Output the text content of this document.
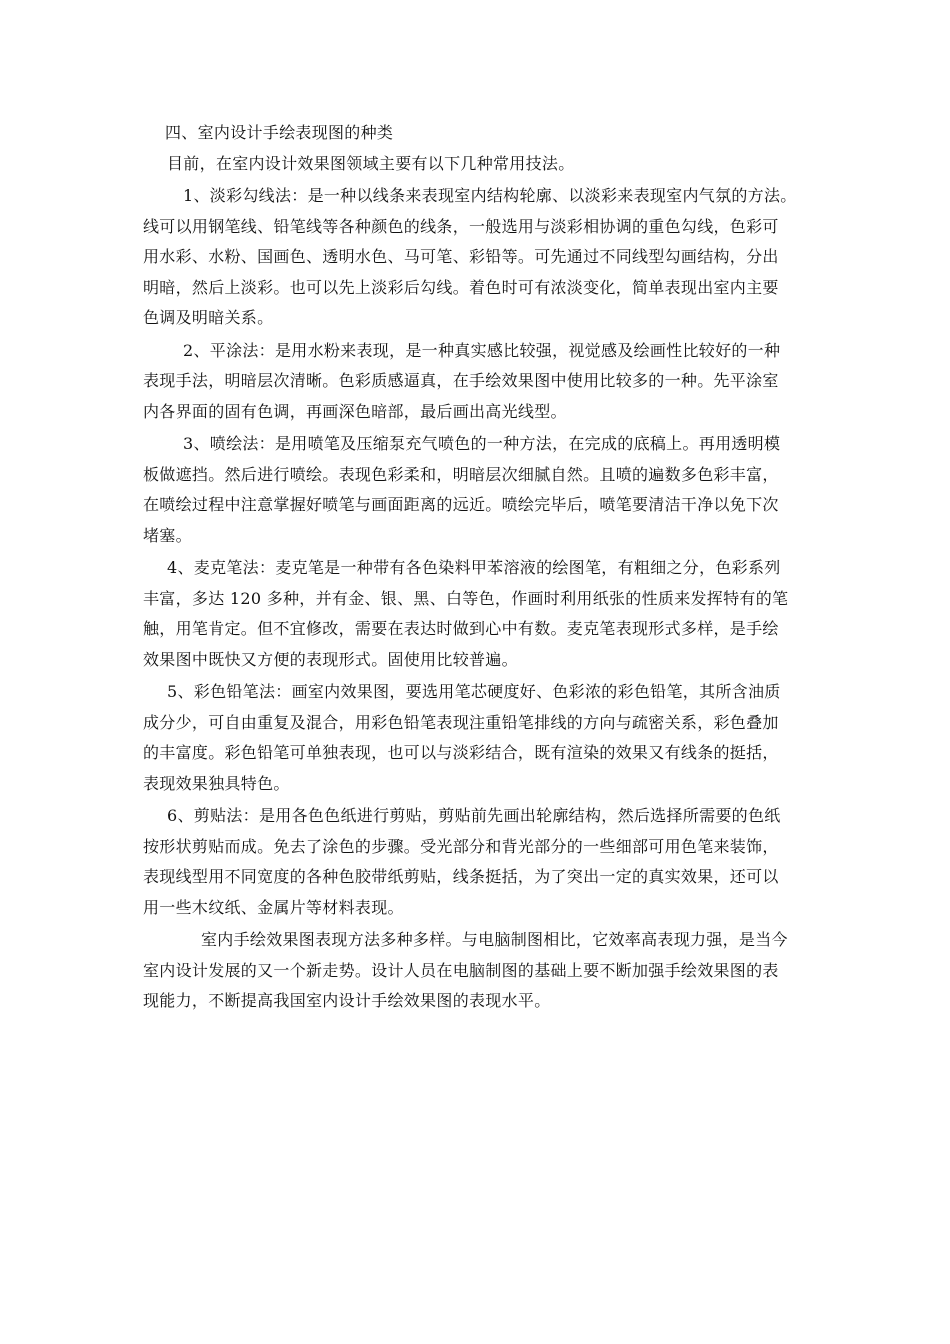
四、室内设计手绘表现图的种类
目前，在室内设计效果图领域主要有以下几种常用技法。
1、淡彩勾线法：是一种以线条来表现室内结构轮廓、以淡彩来表现室内气氛的方法。
线可以用钢笔线、铅笔线等各种颜色的线条，一般选用与淡彩相协调的重色勾线，色彩可
用水彩、水粉、国画色、透明水色、马可笔、彩铅等。可先通过不同线型勾画结构，分出
明暗，然后上淡彩。也可以先上淡彩后勾线。着色时可有浓淡变化，简单表现出室内主要
色调及明暗关系。
2、平涂法：是用水粉来表现，是一种真实感比较强，视觉感及绘画性比较好的一种
表现手法，明暗层次清晰。色彩质感逼真，在手绘效果图中使用比较多的一种。先平涂室
内各界面的固有色调，再画深色暗部，最后画出高光线型。
3、喷绘法：是用喷笔及压缩泵充气喷色的一种方法，在完成的底稿上。再用透明模
板做遮挡。然后进行喷绘。表现色彩柔和，明暗层次细腻自然。且喷的遍数多色彩丰富，
在喷绘过程中注意掌握好喷笔与画面距离的远近。喷绘完毕后，喷笔要清洁干净以免下次
堵塞。
4、麦克笔法：麦克笔是一种带有各色染料甲苯溶液的绘图笔，有粗细之分，色彩系列
丰富，多达 120 多种，并有金、银、黑、白等色，作画时利用纸张的性质来发挥特有的笔
触，用笔肯定。但不宜修改，需要在表达时做到心中有数。麦克笔表现形式多样，是手绘
效果图中既快又方便的表现形式。固使用比较普遍。
5、彩色铅笔法：画室内效果图，要选用笔芯硬度好、色彩浓的彩色铅笔，其所含油质
成分少，可自由重复及混合，用彩色铅笔表现注重铅笔排线的方向与疏密关系，彩色叠加
的丰富度。彩色铅笔可单独表现，也可以与淡彩结合，既有渲染的效果又有线条的挺括，
表现效果独具特色。
6、剪贴法：是用各色色纸进行剪贴，剪贴前先画出轮廓结构，然后选择所需要的色纸
按形状剪贴而成。免去了涂色的步骤。受光部分和背光部分的一些细部可用色笔来装饰，
表现线型用不同宽度的各种色胶带纸剪贴，线条挺括，为了突出一定的真实效果，还可以
用一些木纹纸、金属片等材料表现。
室内手绘效果图表现方法多种多样。与电脑制图相比，它效率高表现力强，是当今
室内设计发展的又一个新走势。设计人员在电脑制图的基础上要不断加强手绘效果图的表
现能力，不断提高我国室内设计手绘效果图的表现水平。
